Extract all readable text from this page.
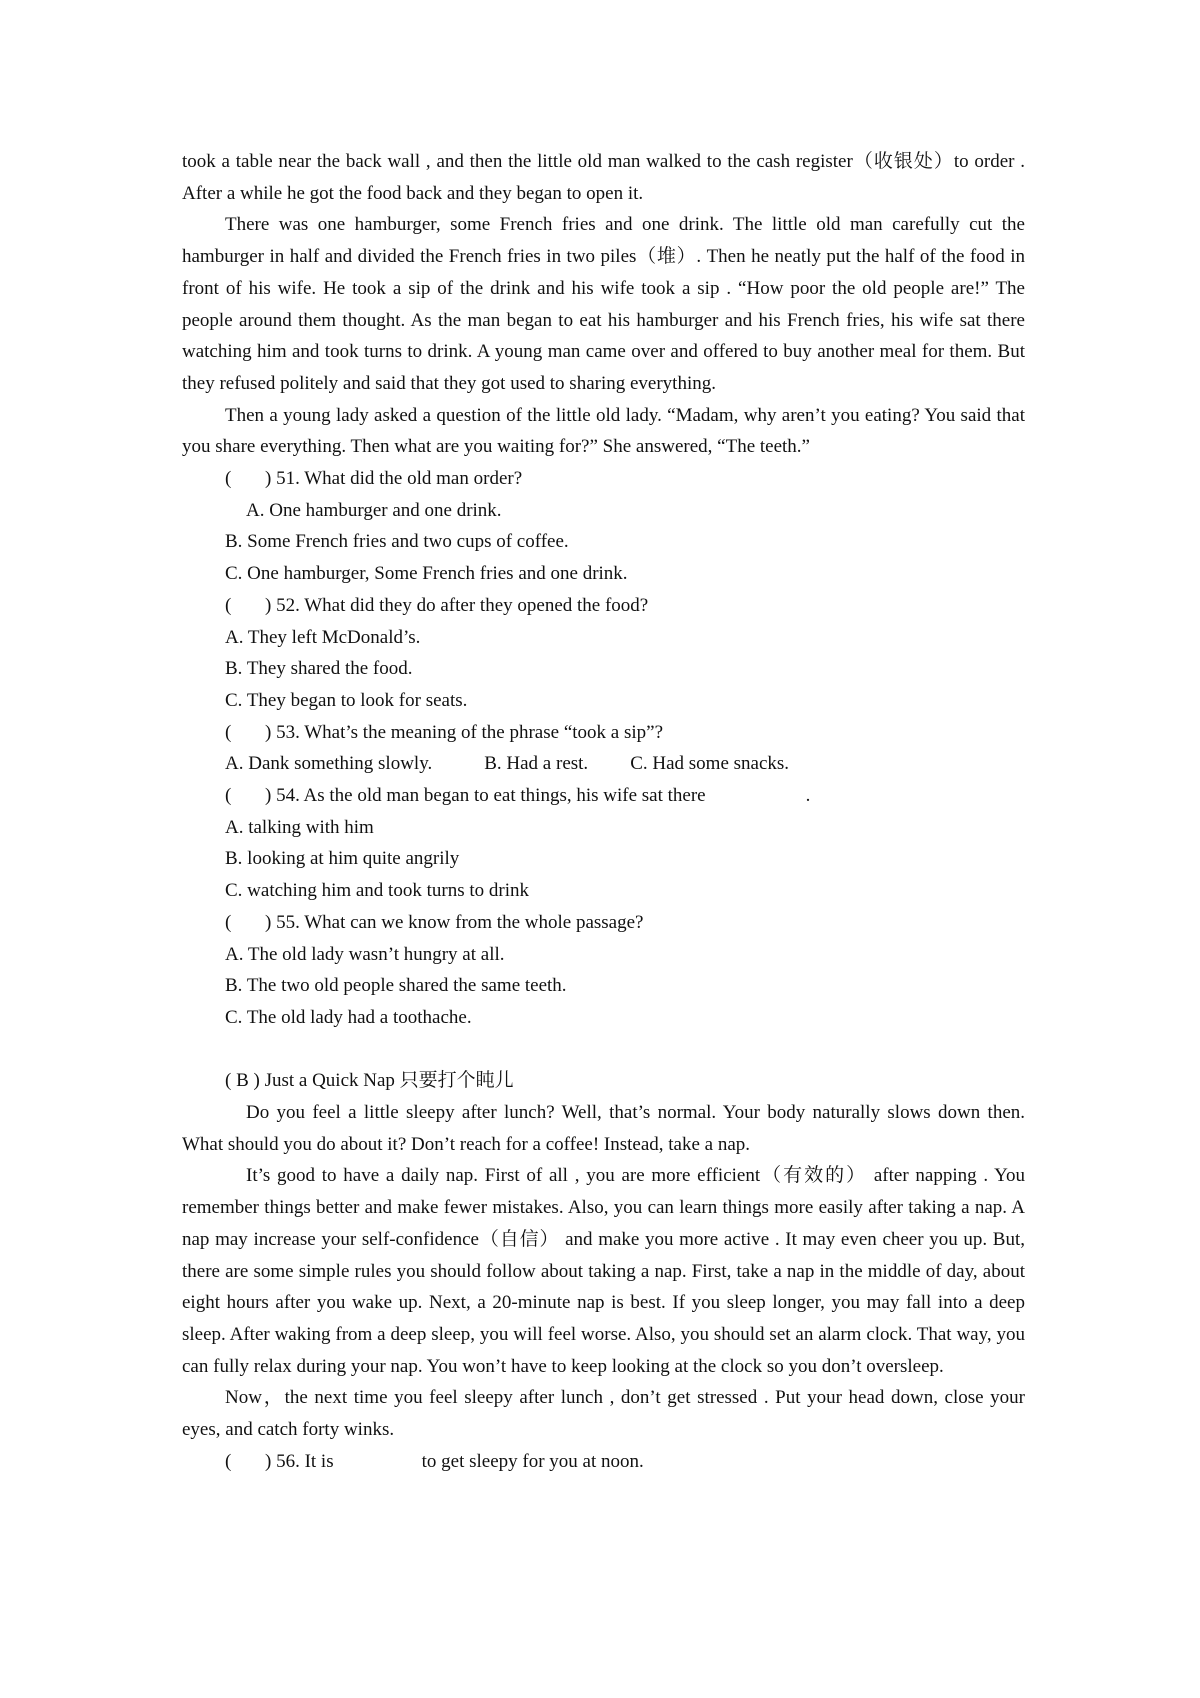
took a table near the back wall , and then the little old man walked to the cash register（收银处）to order . After a while he got the food back and they began to open it.

There was one hamburger, some French fries and one drink. The little old man carefully cut the hamburger in half and divided the French fries in two piles（堆）. Then he neatly put the half of the food in front of his wife. He took a sip of the drink and his wife took a sip . “How poor the old people are!” The people around them thought. As the man began to eat his hamburger and his French fries, his wife sat there watching him and took turns to drink. A young man came over and offered to buy another meal for them. But they refused politely and said that they got used to sharing everything.

Then a young lady asked a question of the little old lady. “Madam, why aren’t you eating? You said that you share everything. Then what are you waiting for?” She answered, “The teeth.”

( ) 51. What did the old man order?

A. One hamburger and one drink.

B. Some French fries and two cups of coffee.

C. One hamburger, Some French fries and one drink.

( ) 52. What did they do after they opened the food?

A. They left McDonald’s.

B. They shared the food.

C. They began to look for seats.

( ) 53. What’s the meaning of the phrase “took a sip”?

A. Dank something slowly.	B. Had a rest. C. Had some snacks.

( ) 54. As the old man began to eat things, his wife sat there	.

A. talking with him

B. looking at him quite angrily

C. watching him and took turns to drink

( ) 55. What can we know from the whole passage?

A. The old lady wasn’t hungry at all.

B. The two old people shared the same teeth.

C. The old lady had a toothache.

( B ) Just a Quick Nap 只要打个盹儿

Do you feel a little sleepy after lunch? Well, that’s normal. Your body naturally slows down then. What should you do about it? Don’t reach for a coffee! Instead, take a nap.

It’s good to have a daily nap. First of all , you are more efficient（有效的） after napping . You remember things better and make fewer mistakes. Also, you can learn things more easily after taking a nap. A nap may increase your self-confidence（自信） and make you more active . It may even cheer you up. But, there are some simple rules you should follow about taking a nap. First, take a nap in the middle of day, about eight hours after you wake up. Next, a 20-minute nap is best. If you sleep longer, you may fall into a deep sleep. After waking from a deep sleep, you will feel worse. Also, you should set an alarm clock. That way, you can fully relax during your nap. You won’t have to keep looking at the clock so you don’t oversleep.

Now，the next time you feel sleepy after lunch , don’t get stressed . Put your head down, close your eyes, and catch forty winks.

( ) 56. It is	to get sleepy for you at noon.
